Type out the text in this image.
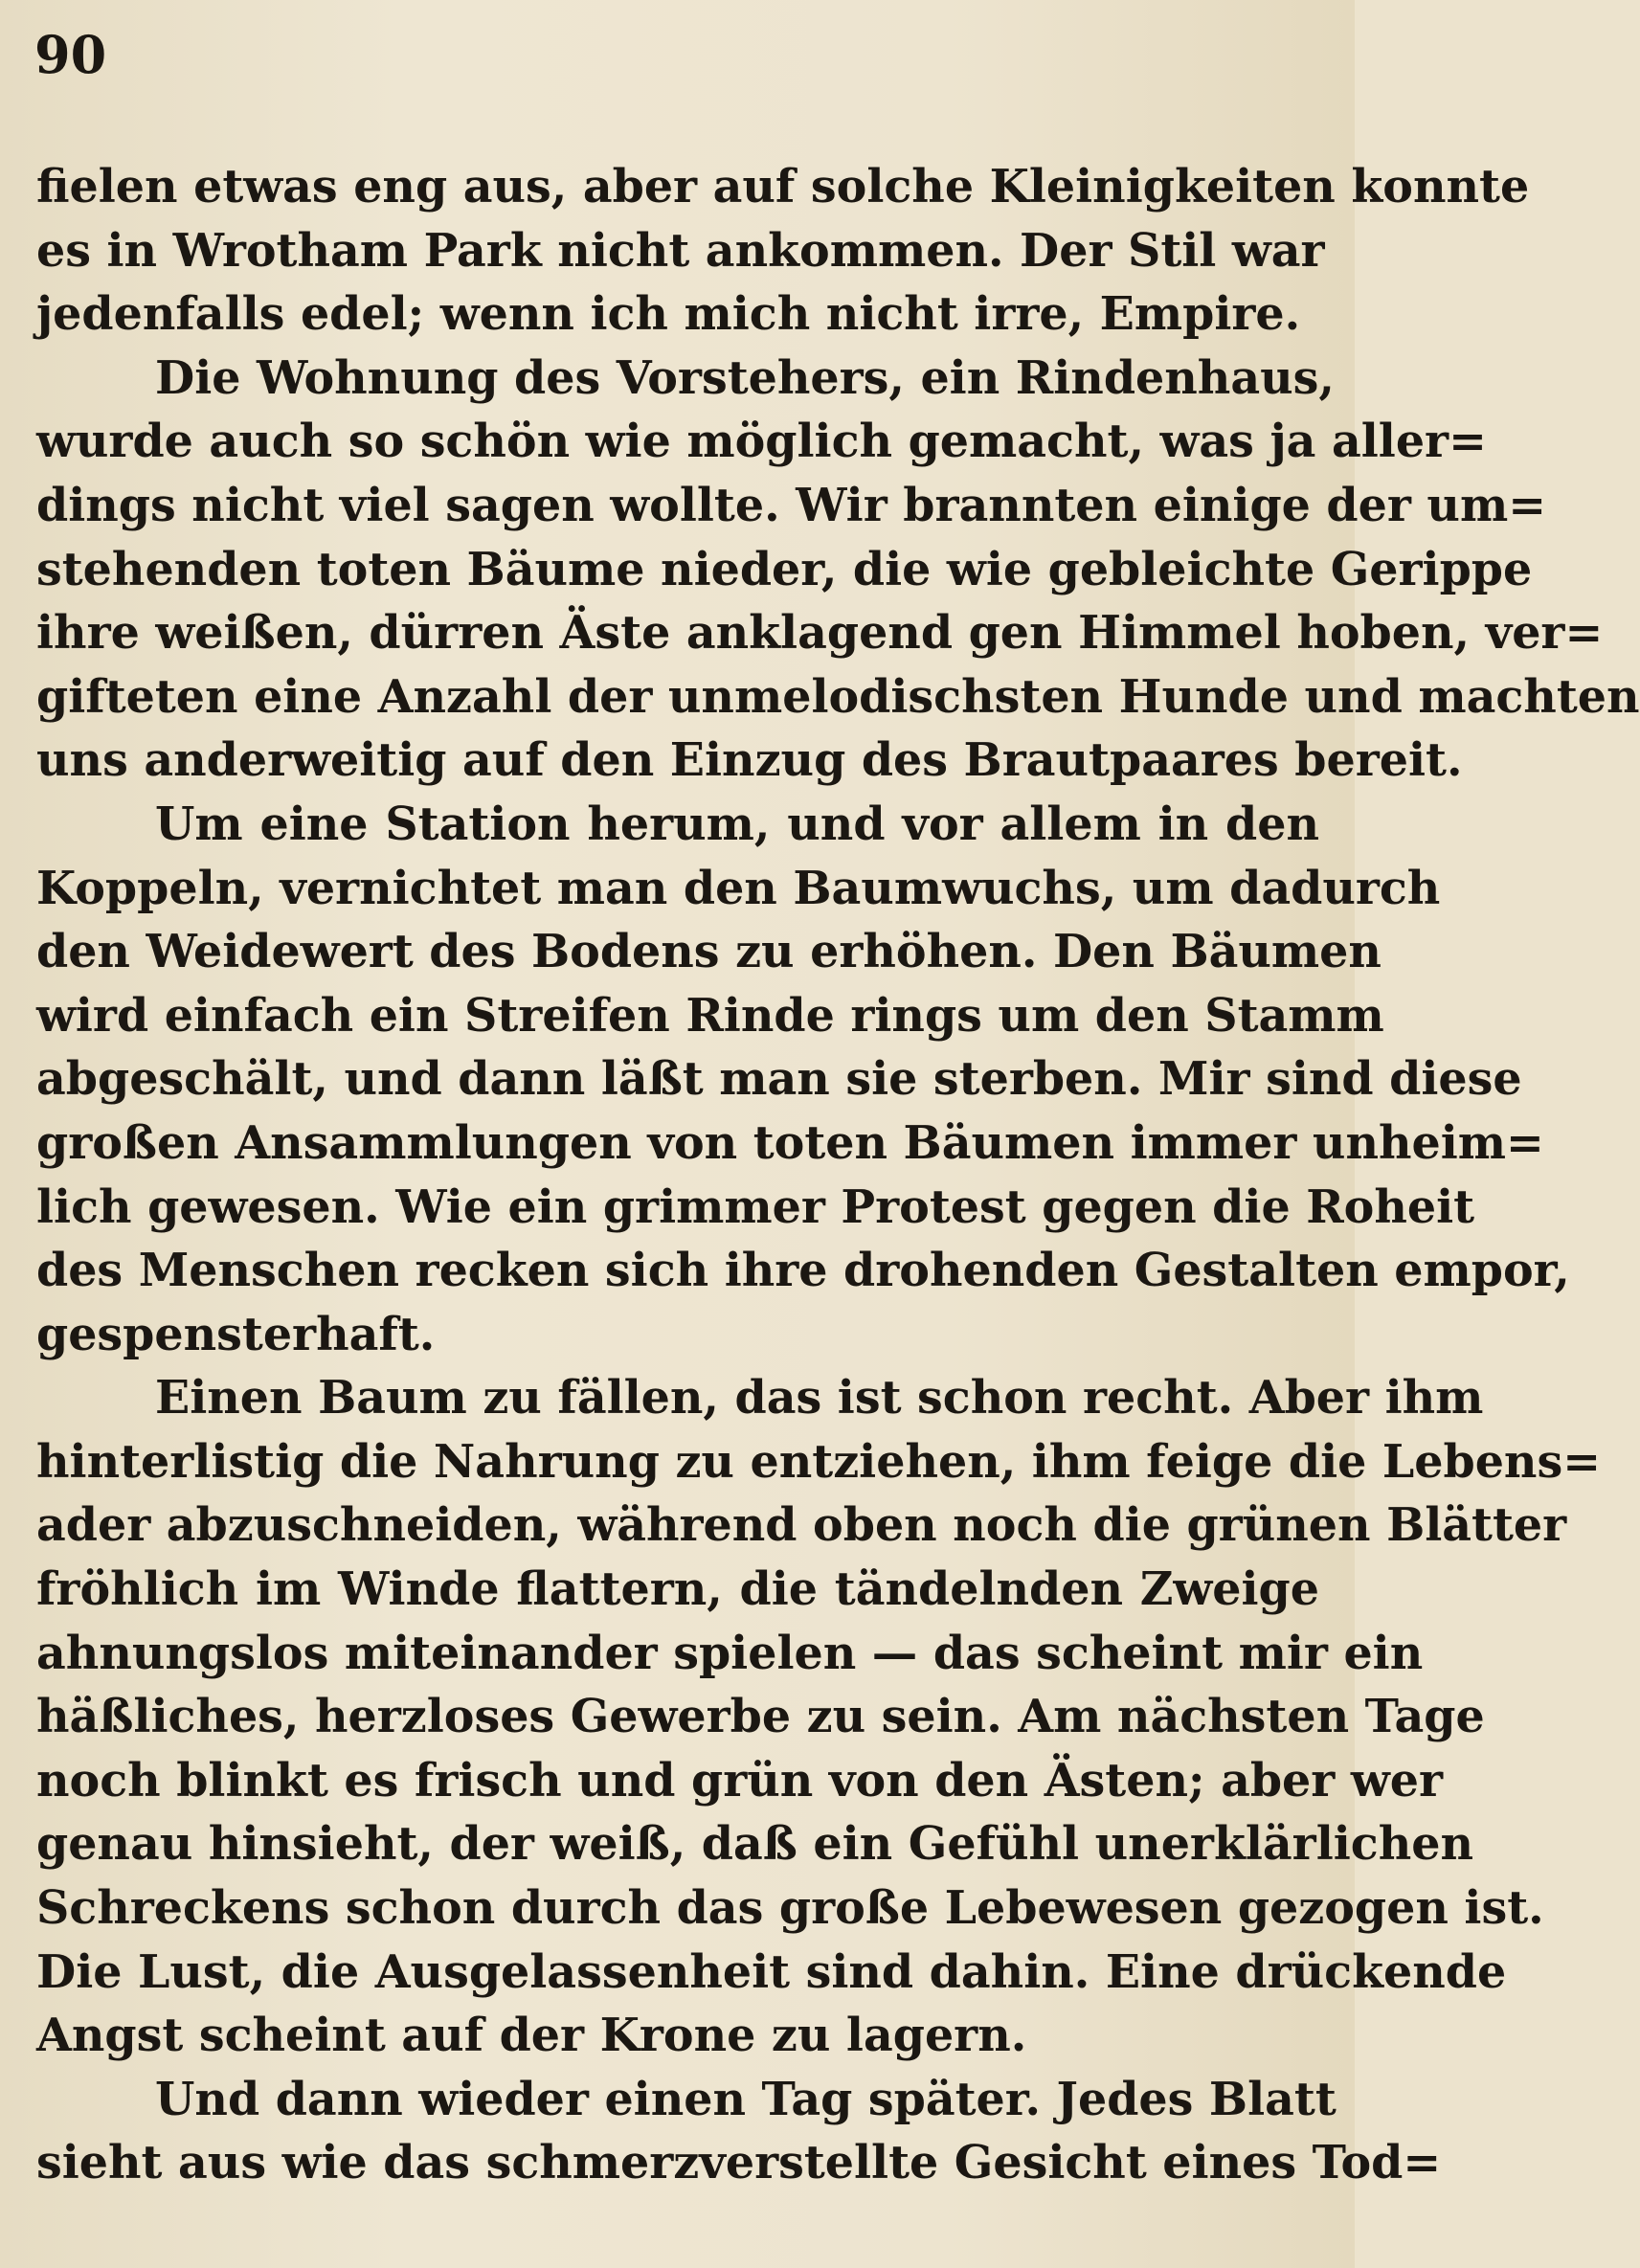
90
fielen etwas eng aus, aber auf solche Kleinigkeiten konnte
es in Wrotham Park nicht ankommen. Der Stil war
jedenfalls edel; wenn ich mich nicht irre, Empire.
Die Wohnung des Vorstehers, ein Rindenhaus,
wurde auch so schön wie möglich gemacht, was ja aller=
dings nicht viel sagen wollte. Wir brannten einige der um=
stehenden toten Bäume nieder, die wie gebleichte Gerippe
ihre weißen, dürren Äste anklagend gen Himmel hoben, ver=
gifteten eine Anzahl der unmelodischsten Hunde und machten
uns anderweitig auf den Einzug des Brautpaares bereit.
Um eine Station herum, und vor allem in den
Koppeln, vernichtet man den Baumwuchs, um dadurch
den Weidewert des Bodens zu erhöhen. Den Bäumen
wird einfach ein Streifen Rinde rings um den Stamm
abgeschält, und dann läßt man sie sterben. Mir sind diese
großen Ansammlungen von toten Bäumen immer unheim=
lich gewesen. Wie ein grimmer Protest gegen die Roheit
des Menschen recken sich ihre drohenden Gestalten empor,
gespensterhaft.
Einen Baum zu fällen, das ist schon recht. Aber ihm
hinterlistig die Nahrung zu entziehen, ihm feige die Lebens=
ader abzuschneiden, während oben noch die grünen Blätter
fröhlich im Winde flattern, die tändelnden Zweige
ahnungslos miteinander spielen — das scheint mir ein
häßliches, herzloses Gewerbe zu sein. Am nächsten Tage
noch blinkt es frisch und grün von den Ästen; aber wer
genau hinsieht, der weiß, daß ein Gefühl unerklärlichen
Schreckens schon durch das große Lebewesen gezogen ist.
Die Lust, die Ausgelassenheit sind dahin. Eine drückende
Angst scheint auf der Krone zu lagern.
Und dann wieder einen Tag später. Jedes Blatt
sieht aus wie das schmerzverstellte Gesicht eines Tod=
